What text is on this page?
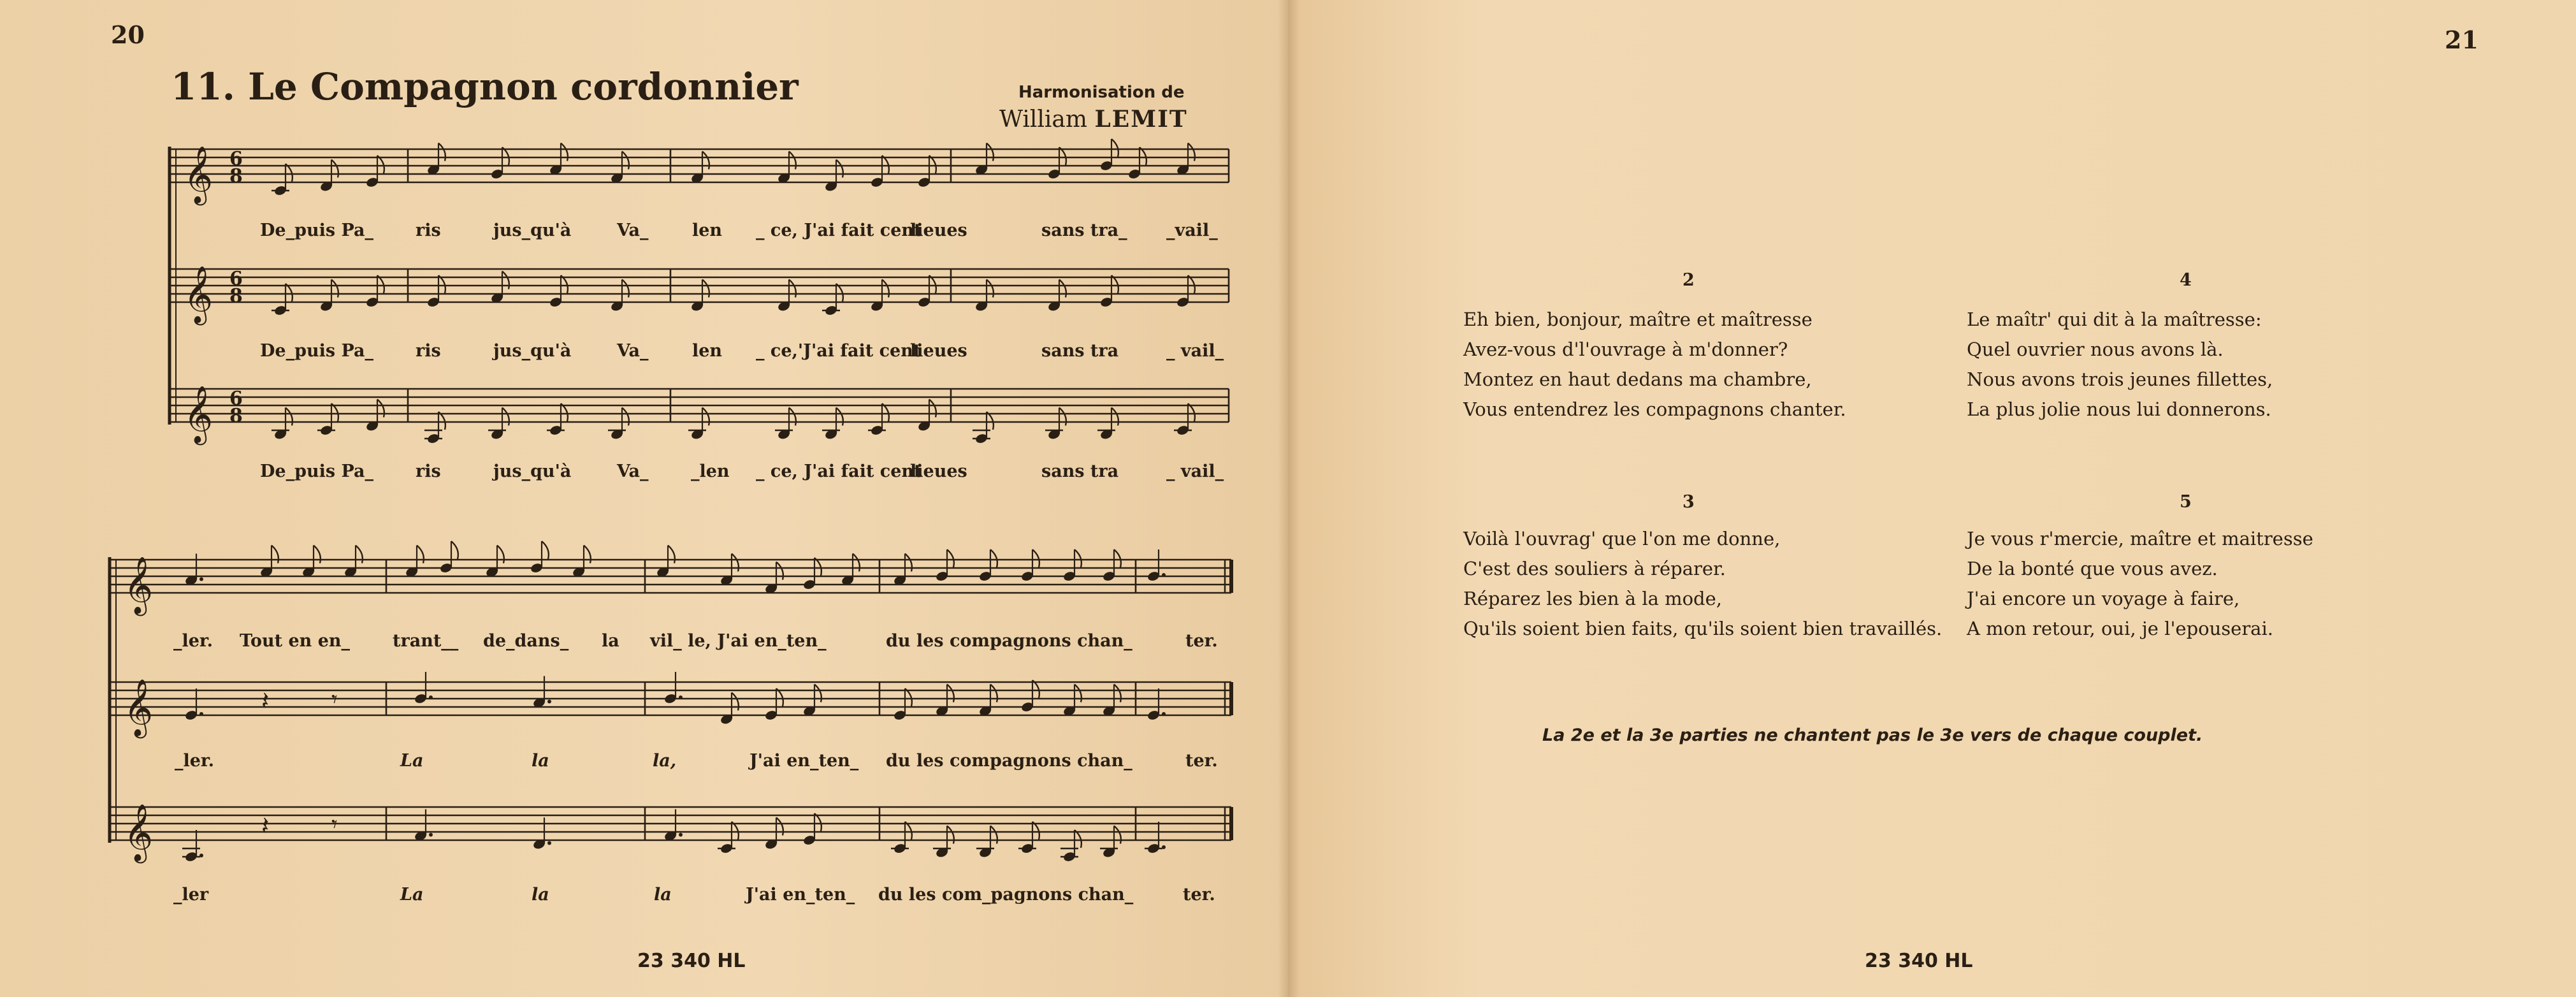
20
11. Le Compagnon cordonnier	Harmonisation de
William LEMIT
𝄞 6
8
𝄞 6
8
𝄞 6
8
𝄞
𝄞
𝄞
𝄽	𝄾
𝄽	𝄾
De_puis Pa_ ris	jus_qu'à	Va_	len _ ce, J'ai fait cent
lieues	sans tra_ _vail_
De_puis Pa_ ris	jus_qu'à	Va_	len _ ce,'J'ai fait cent
lieues	sans tra	_ vail_
De_puis Pa_ ris	jus_qu'à	Va_ _len _ ce, J'ai fait cent
lieues	sans tra	_ vail_
_ler. Tout en en_ trant__ de_dans_ la vil_ le, J'ai en_ten_	du les compagnons chan_	ter.
_ler.	La	la	la,	J'ai en_ten_ du les compagnons chan_	ter.
_ler	La	la	la	J'ai en_ten_ du les com_pagnons chan_	ter.
23 340 HL
21
2
Eh bien, bonjour, maître et maîtresse
Avez-vous d'l'ouvrage à m'donner?
Montez en haut dedans ma chambre,
Vous entendrez les compagnons chanter.
4
Le maîtr' qui dit à la maîtresse:
Quel ouvrier nous avons là.
Nous avons trois jeunes fillettes,
La plus jolie nous lui donnerons.
3
Voilà l'ouvrag' que l'on me donne,
C'est des souliers à réparer.
Réparez les bien à la mode,
Qu'ils soient bien faits, qu'ils soient bien travaillés.
5
Je vous r'mercie, maître et maitresse
De la bonté que vous avez.
J'ai encore un voyage à faire,
A mon retour, oui, je l'epouserai.
La 2e et la 3e parties ne chantent pas le 3e vers de chaque couplet.
23 340 HL
